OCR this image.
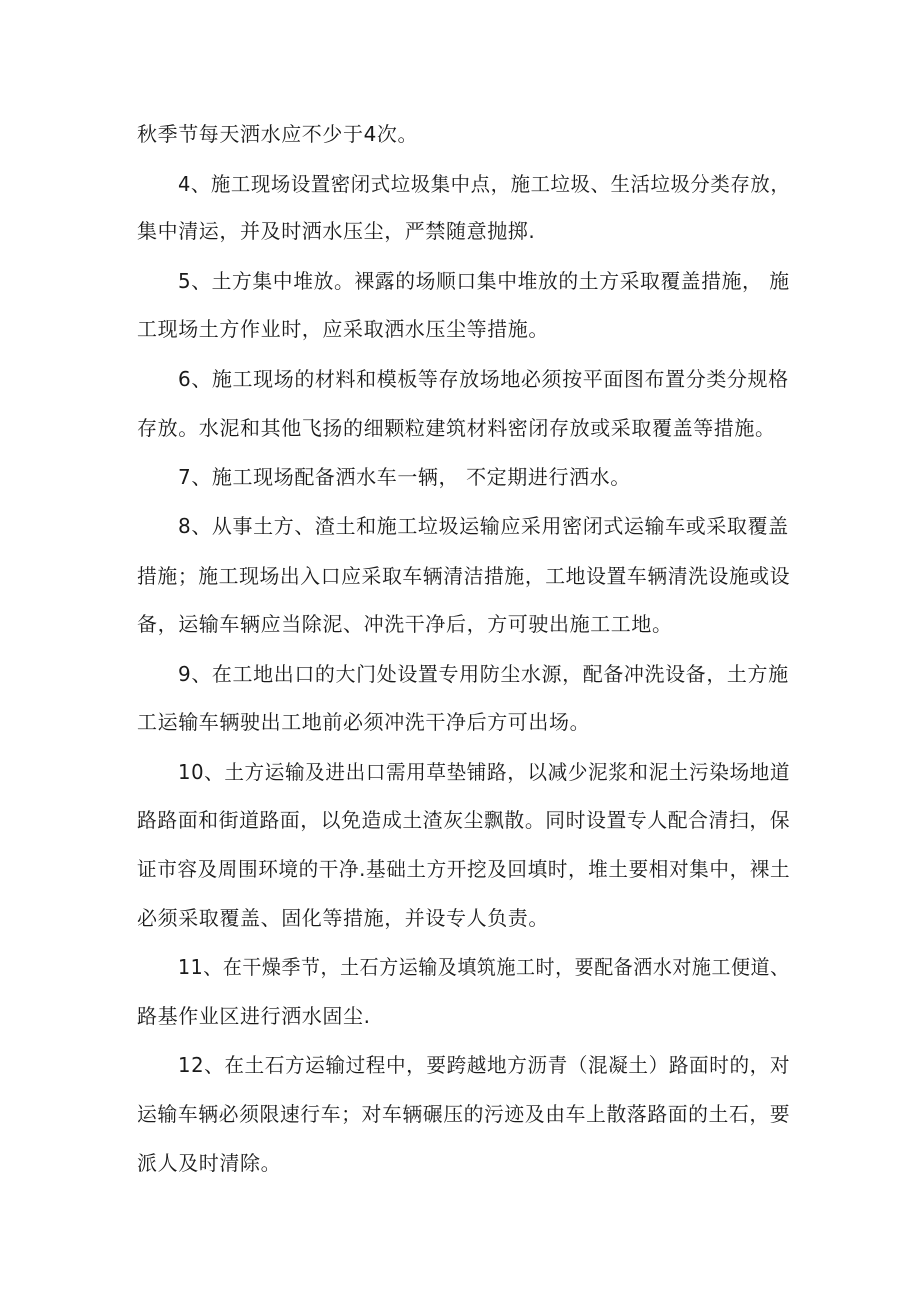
秋季节每天洒水应不少于4次。
4、施工现场设置密闭式垃圾集中点，施工垃圾、生活垃圾分类存放，
集中清运，并及时洒水压尘，严禁随意抛掷.
5、土方集中堆放。裸露的场顺口集中堆放的土方采取覆盖措施， 施
工现场土方作业时，应采取洒水压尘等措施。
6、施工现场的材料和模板等存放场地必须按平面图布置分类分规格
存放。水泥和其他飞扬的细颗粒建筑材料密闭存放或采取覆盖等措施。
7、施工现场配备洒水车一辆， 不定期进行洒水。
8、从事土方、渣土和施工垃圾运输应采用密闭式运输车或采取覆盖
措施；施工现场出入口应采取车辆清洁措施，工地设置车辆清洗设施或设
备，运输车辆应当除泥、冲洗干净后，方可驶出施工工地。
9、在工地出口的大门处设置专用防尘水源，配备冲洗设备，土方施
工运输车辆驶出工地前必须冲洗干净后方可出场。
10、土方运输及进出口需用草垫铺路，以减少泥浆和泥土污染场地道
路路面和街道路面，以免造成土渣灰尘飘散。同时设置专人配合清扫，保
证市容及周围环境的干净.基础土方开挖及回填时，堆土要相对集中，裸土
必须采取覆盖、固化等措施，并设专人负责。
11、在干燥季节，土石方运输及填筑施工时，要配备洒水对施工便道、
路基作业区进行洒水固尘.
12、在土石方运输过程中，要跨越地方沥青（混凝土）路面时的，对
运输车辆必须限速行车；对车辆碾压的污迹及由车上散落路面的土石，要
派人及时清除。
